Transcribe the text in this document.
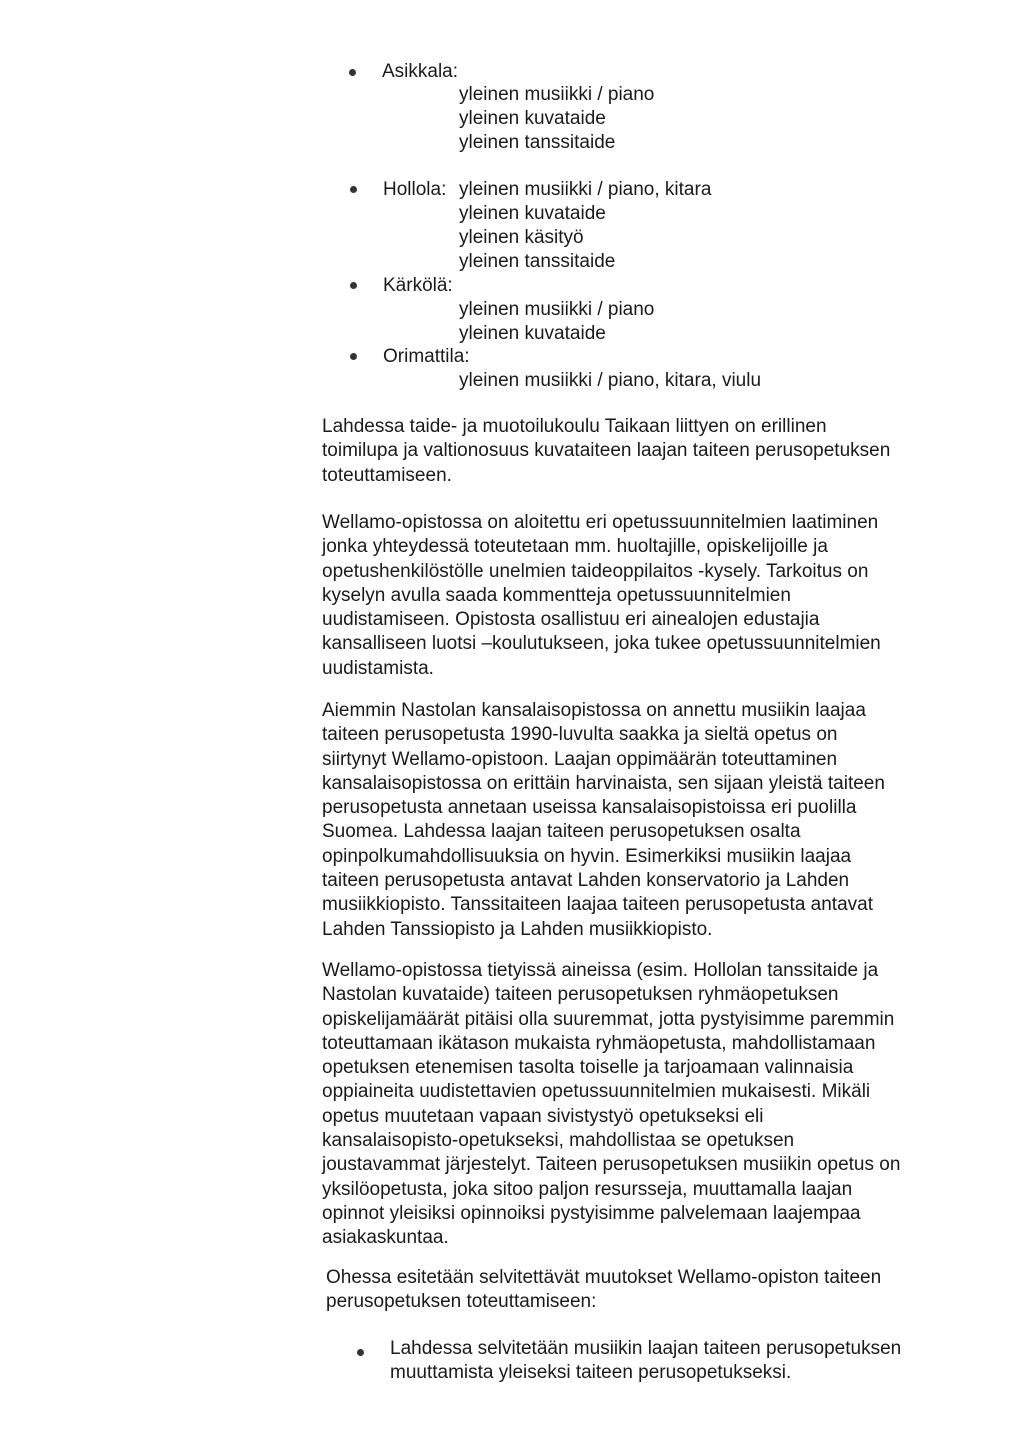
Asikkala:
yleinen musiikki / piano
yleinen kuvataide
yleinen tanssitaide
Hollola: yleinen musiikki / piano, kitara
yleinen kuvataide
yleinen käsityö
yleinen tanssitaide
Kärkölä:
yleinen musiikki / piano
yleinen kuvataide
Orimattila:
yleinen musiikki / piano, kitara, viulu
Lahdessa taide- ja muotoilukoulu Taikaan liittyen on erillinen
toimilupa ja valtionosuus kuvataiteen laajan taiteen perusopetuksen
toteuttamiseen.
Wellamo-opistossa on aloitettu eri opetussuunnitelmien laatiminen
jonka yhteydessä toteutetaan mm. huoltajille, opiskelijoille ja
opetushenkilöstölle unelmien taideoppilaitos -kysely. Tarkoitus on
kyselyn avulla saada kommentteja opetussuunnitelmien
uudistamiseen. Opistosta osallistuu eri ainealojen edustajia
kansalliseen luotsi –koulutukseen, joka tukee opetussuunnitelmien
uudistamista.
Aiemmin Nastolan kansalaisopistossa on annettu musiikin laajaa
taiteen perusopetusta 1990-luvulta saakka ja sieltä opetus on
siirtynyt Wellamo-opistoon. Laajan oppimäärän toteuttaminen
kansalaisopistossa on erittäin harvinaista, sen sijaan yleistä taiteen
perusopetusta annetaan useissa kansalaisopistoissa eri puolilla
Suomea. Lahdessa laajan taiteen perusopetuksen osalta
opinpolkumahdollisuuksia on hyvin. Esimerkiksi musiikin laajaa
taiteen perusopetusta antavat Lahden konservatorio ja Lahden
musiikkiopisto. Tanssitaiteen laajaa taiteen perusopetusta antavat
Lahden Tanssiopisto ja Lahden musiikkiopisto.
Wellamo-opistossa tietyissä aineissa (esim. Hollolan tanssitaide ja
Nastolan kuvataide) taiteen perusopetuksen ryhmäopetuksen
opiskelijamäärät pitäisi olla suuremmat, jotta pystyisimme paremmin
toteuttamaan ikätason mukaista ryhmäopetusta, mahdollistamaan
opetuksen etenemisen tasolta toiselle ja tarjoamaan valinnaisia
oppiaineita uudistettavien opetussuunnitelmien mukaisesti. Mikäli
opetus muutetaan vapaan sivistystyö opetukseksi eli
kansalaisopisto-opetukseksi, mahdollistaa se opetuksen
joustavammat järjestelyt. Taiteen perusopetuksen musiikin opetus on
yksilöopetusta, joka sitoo paljon resursseja, muuttamalla laajan
opinnot yleisiksi opinnoiksi pystyisimme palvelemaan laajempaa
asiakaskuntaa.
Ohessa esitetään selvitettävät muutokset Wellamo-opiston taiteen
perusopetuksen toteuttamiseen:
Lahdessa selvitetään musiikin laajan taiteen perusopetuksen
muuttamista yleiseksi taiteen perusopetukseksi.
